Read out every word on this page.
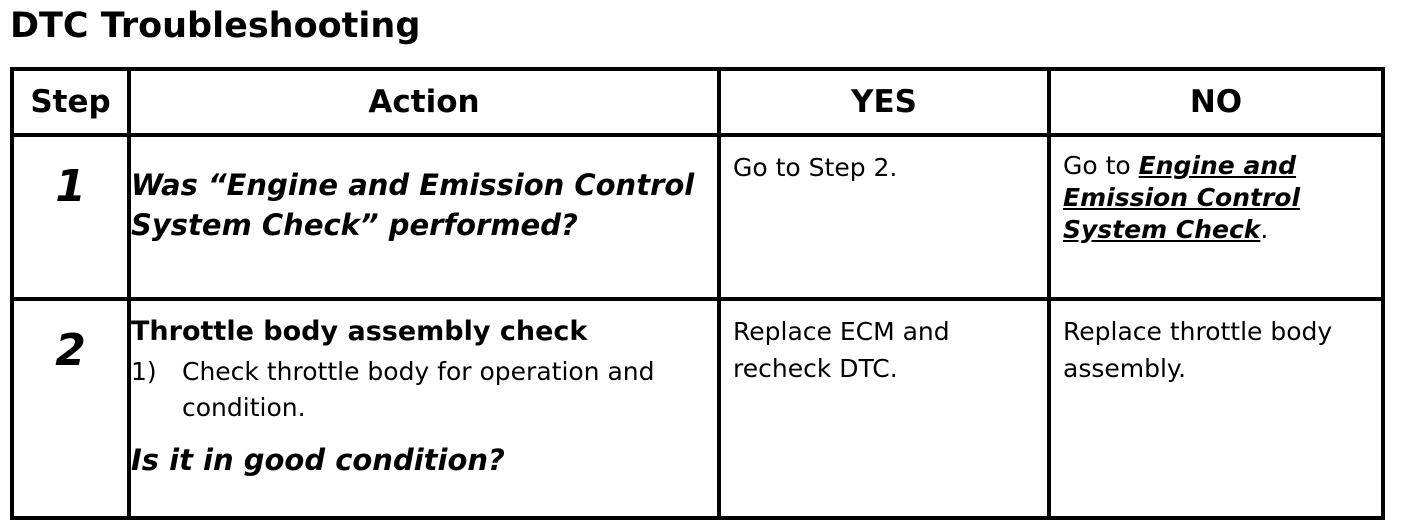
DTC Troubleshooting
Step	Action	YES	NO

1	Was “Engine and Emission Control System Check” performed?	Go to Step 2.	Go to Engine and Emission Control System Check.

2	Throttle body assembly check
1) Check throttle body for operation and condition.
Is it in good condition?	Replace ECM and recheck DTC.	Replace throttle body assembly.
